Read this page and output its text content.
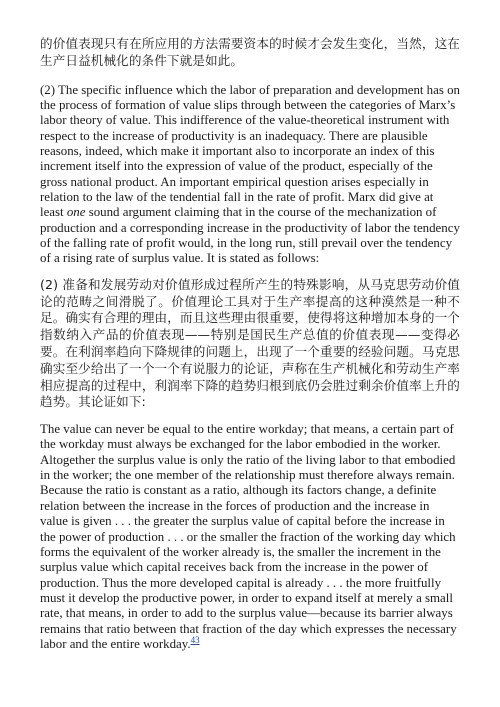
的价值表现只有在所应用的方法需要资本的时候才会发生变化，当然，这在生产日益机械化的条件下就是如此。

(2) The specific influence which the labor of preparation and development has on the process of formation of value slips through between the categories of Marx’s labor theory of value. This indifference of the value-theoretical instrument with respect to the increase of productivity is an inadequacy. There are plausible reasons, indeed, which make it important also to incorporate an index of this increment itself into the expression of value of the product, especially of the gross national product. An important empirical question arises especially in relation to the law of the tendential fall in the rate of profit. Marx did give at least one sound argument claiming that in the course of the mechanization of production and a corresponding increase in the productivity of labor the tendency of the falling rate of profit would, in the long run, still prevail over the tendency of a rising rate of surplus value. It is stated as follows:

(2) 准备和发展劳动对价值形成过程所产生的特殊影响，从马克思劳动价值论的范畴之间滑脱了。价值理论工具对于生产率提高的这种漠然是一种不足。确实有合理的理由，而且这些理由很重要，使得将这种增加本身的一个指数纳入产品的价值表现——特别是国民生产总值的价值表现——变得必要。在利润率趋向下降规律的问题上，出现了一个重要的经验问题。马克思确实至少给出了一个一个有说服力的论证，声称在生产机械化和劳动生产率相应提高的过程中，利润率下降的趋势归根到底仍会胜过剩余价值率上升的趋势。其论证如下:

The value can never be equal to the entire workday; that means, a certain part of the workday must always be exchanged for the labor embodied in the worker. Altogether the surplus value is only the ratio of the living labor to that embodied in the worker; the one member of the relationship must therefore always remain. Because the ratio is constant as a ratio, although its factors change, a definite relation between the increase in the forces of production and the increase in value is given . . . the greater the surplus value of capital before the increase in the power of production . . . or the smaller the fraction of the working day which forms the equivalent of the worker already is, the smaller the increment in the surplus value which capital receives back from the increase in the power of production. Thus the more developed capital is already . . . the more fruitfully must it develop the productive power, in order to expand itself at merely a small rate, that means, in order to add to the surplus value—because its barrier always remains that ratio between that fraction of the day which expresses the necessary labor and the entire workday.$^{43}$
